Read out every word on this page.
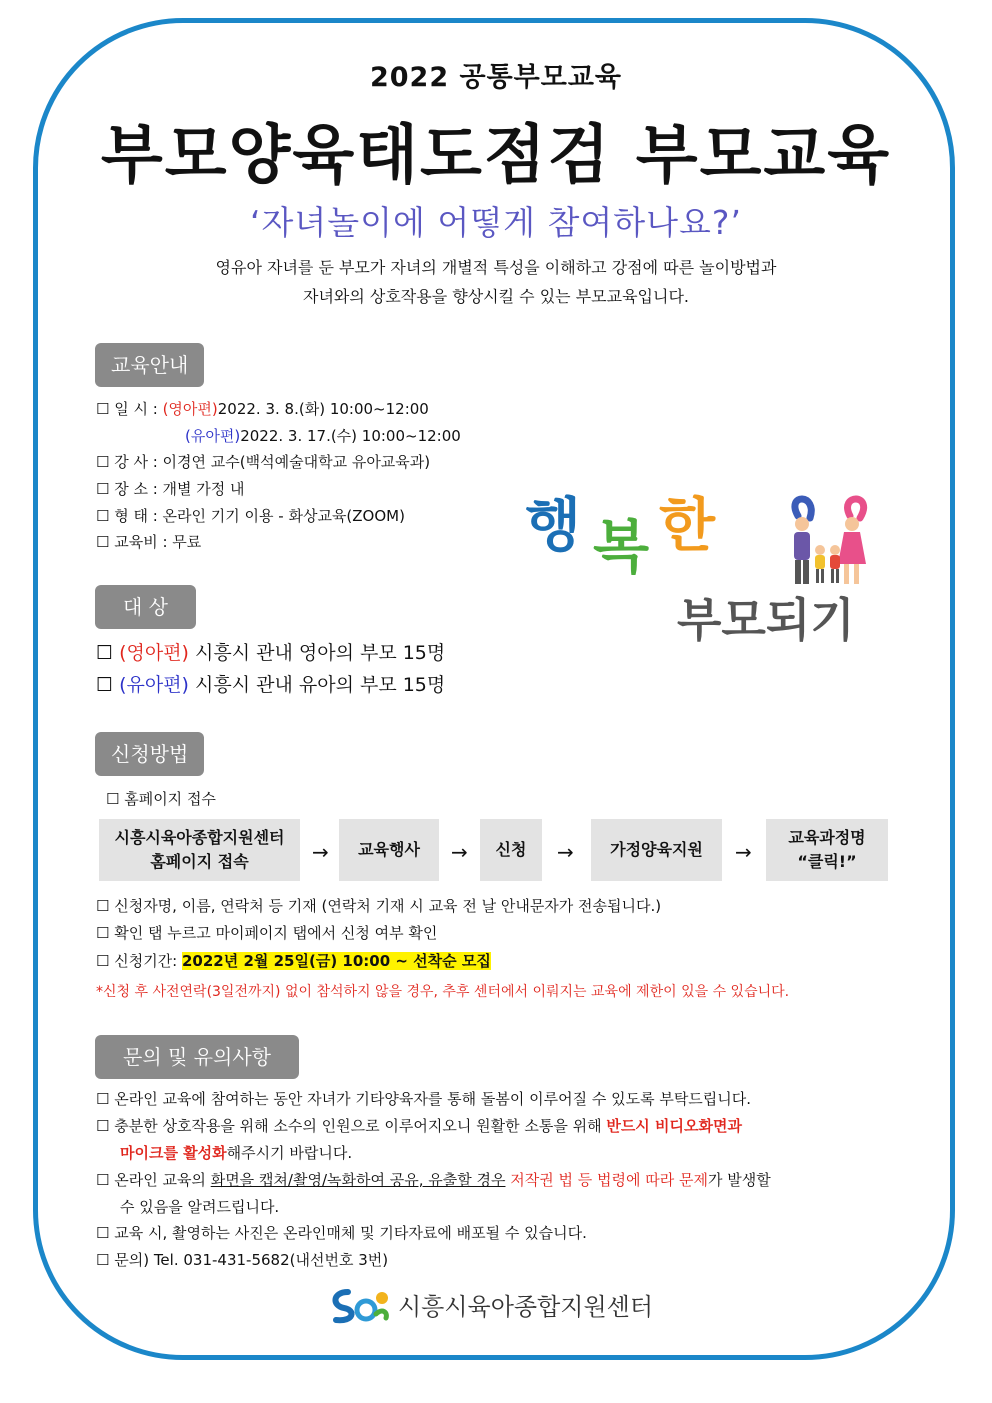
2022 공통부모교육
부모양육태도점검 부모교육
‘자녀놀이에 어떻게 참여하나요?’
영유아 자녀를 둔 부모가 자녀의 개별적 특성을 이해하고 강점에 따른 놀이방법과
자녀와의 상호작용을 향상시킬 수 있는 부모교육입니다.
교육안내
☐ 일 시 : (영아편)2022. 3. 8.(화) 10:00~12:00
(유아편)2022. 3. 17.(수) 10:00~12:00
☐ 강 사 : 이경연 교수(백석예술대학교 유아교육과)
☐ 장 소 : 개별 가정 내
☐ 형 태 : 온라인 기기 이용 - 화상교육(ZOOM)
☐ 교육비 : 무료	행 복 한
부모되기
대 상
☐ (영아편) 시흥시 관내 영아의 부모 15명
☐ (유아편) 시흥시 관내 유아의 부모 15명
신청방법
☐ 홈페이지 접수
시흥시육아종합지원센터
홈페이지 접속	→ 교육행사 → 신청 → 가정양육지원 →
교육과정명
“클릭!”
☐ 신청자명, 이름, 연락처 등 기재 (연락처 기재 시 교육 전 날 안내문자가 전송됩니다.)
☐ 확인 탭 누르고 마이페이지 탭에서 신청 여부 확인
☐ 신청기간: 2022년 2월 25일(금) 10:00 ~ 선착순 모집
*신청 후 사전연락(3일전까지) 없이 참석하지 않을 경우, 추후 센터에서 이뤄지는 교육에 제한이 있을 수 있습니다.
문의 및 유의사항
☐ 온라인 교육에 참여하는 동안 자녀가 기타양육자를 통해 돌봄이 이루어질 수 있도록 부탁드립니다.
☐ 충분한 상호작용을 위해 소수의 인원으로 이루어지오니 원활한 소통을 위해 반드시 비디오화면과
마이크를 활성화해주시기 바랍니다.
☐ 온라인 교육의 화면을 캡쳐/촬영/녹화하여 공유, 유출할 경우 저작권 법 등 법령에 따라 문제가 발생할
수 있음을 알려드립니다.
☐ 교육 시, 촬영하는 사진은 온라인매체 및 기타자료에 배포될 수 있습니다.
☐ 문의) Tel. 031-431-5682(내선번호 3번)
시흥시육아종합지원센터
